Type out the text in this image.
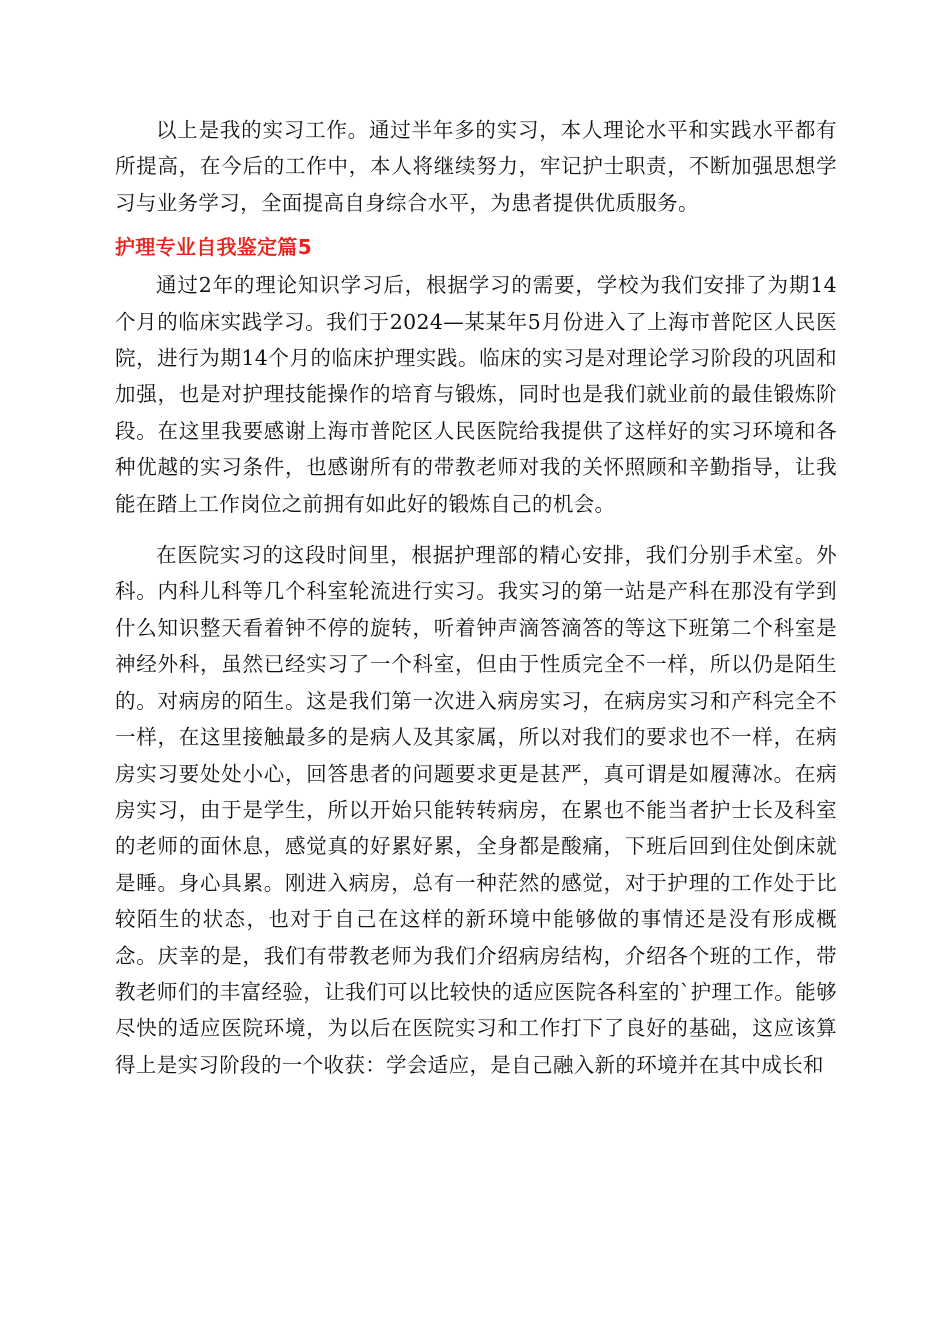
以上是我的实习工作。通过半年多的实习，本人理论水平和实践水平都有所提高，在今后的工作中，本人将继续努力，牢记护士职责，不断加强思想学习与业务学习，全面提高自身综合水平，为患者提供优质服务。

护理专业自我鉴定篇5

通过2年的理论知识学习后，根据学习的需要，学校为我们安排了为期14个月的临床实践学习。我们于2024—某某年5月份进入了上海市普陀区人民医院，进行为期14个月的临床护理实践。临床的实习是对理论学习阶段的巩固和加强，也是对护理技能操作的培育与锻炼，同时也是我们就业前的最佳锻炼阶段。在这里我要感谢上海市普陀区人民医院给我提供了这样好的实习环境和各种优越的实习条件，也感谢所有的带教老师对我的关怀照顾和辛勤指导，让我能在踏上工作岗位之前拥有如此好的锻炼自己的机会。

在医院实习的这段时间里，根据护理部的精心安排，我们分别手术室。外科。内科儿科等几个科室轮流进行实习。我实习的第一站是产科在那没有学到什么知识整天看着钟不停的旋转，听着钟声滴答滴答的等这下班第二个科室是神经外科，虽然已经实习了一个科室，但由于性质完全不一样，所以仍是陌生的。对病房的陌生。这是我们第一次进入病房实习，在病房实习和产科完全不一样，在这里接触最多的是病人及其家属，所以对我们的要求也不一样，在病房实习要处处小心，回答患者的问题要求更是甚严，真可谓是如履薄冰。在病房实习，由于是学生，所以开始只能转转病房，在累也不能当者护士长及科室的老师的面休息，感觉真的好累好累，全身都是酸痛，下班后回到住处倒床就是睡。身心具累。刚进入病房，总有一种茫然的感觉，对于护理的工作处于比较陌生的状态，也对于自己在这样的新环境中能够做的事情还是没有形成概念。庆幸的是，我们有带教老师为我们介绍病房结构，介绍各个班的工作，带教老师们的丰富经验，让我们可以比较快的适应医院各科室的`护理工作。能够尽快的适应医院环境，为以后在医院实习和工作打下了良好的基础，这应该算得上是实习阶段的一个收获：学会适应，是自己融入新的环境并在其中成长和
